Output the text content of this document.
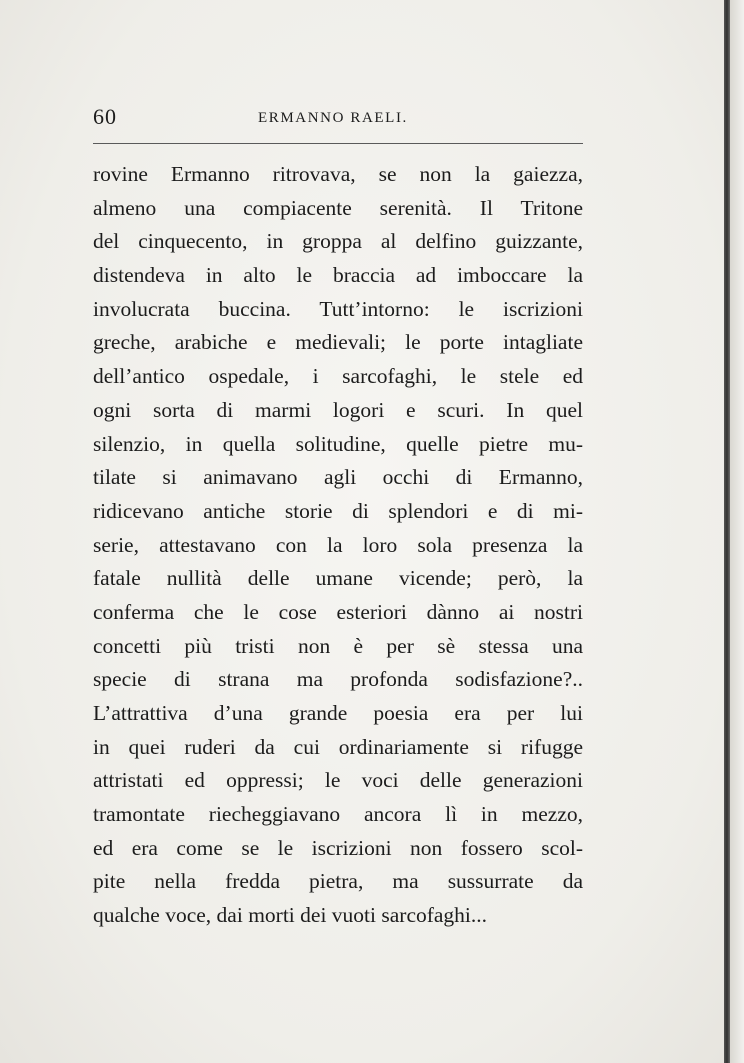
60	ERMANNO RAELI.
rovine Ermanno ritrovava, se non la gaiezza,
almeno una compiacente serenità. Il Tritone
del cinquecento, in groppa al delfino guizzante,
distendeva in alto le braccia ad imboccare la
involucrata buccina. Tutt’intorno: le iscrizioni
greche, arabiche e medievali; le porte intagliate
dell’antico ospedale, i sarcofaghi, le stele ed
ogni sorta di marmi logori e scuri. In quel
silenzio, in quella solitudine, quelle pietre mu-
tilate si animavano agli occhi di Ermanno,
ridicevano antiche storie di splendori e di mi-
serie, attestavano con la loro sola presenza la
fatale nullità delle umane vicende; però, la
conferma che le cose esteriori dànno ai nostri
concetti più tristi non è per sè stessa una
specie di strana ma profonda sodisfazione?..
L’attrattiva d’una grande poesia era per lui
in quei ruderi da cui ordinariamente si rifugge
attristati ed oppressi; le voci delle generazioni
tramontate riecheggiavano ancora lì in mezzo,
ed era come se le iscrizioni non fossero scol-
pite nella fredda pietra, ma sussurrate da
qualche voce, dai morti dei vuoti sarcofaghi...
